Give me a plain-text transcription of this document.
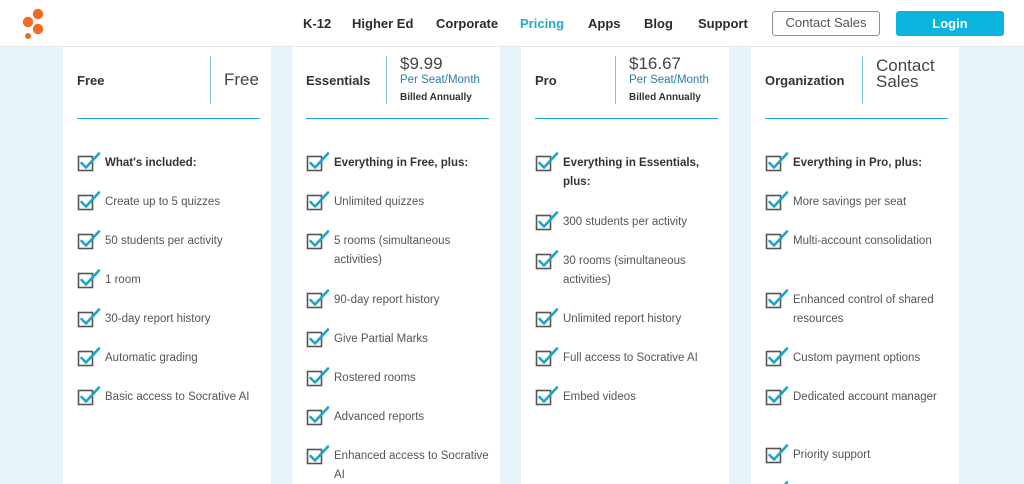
K-12 Higher Ed Corporate Pricing Apps Blog Support	Contact Sales	Login
Free	Free
What's included:
Create up to 5 quizzes
50 students per activity
1 room
30-day report history
Automatic grading
Basic access to Socrative AI
Essentials
$9.99
Per Seat/Month
Billed Annually
Everything in Free, plus:
Unlimited quizzes
5 rooms (simultaneous activities)
90-day report history
Give Partial Marks
Rostered rooms
Advanced reports
Enhanced access to Socrative AI
Pro
$16.67
Per Seat/Month
Billed Annually
Everything in Essentials, plus:
300 students per activity
30 rooms (simultaneous activities)
Unlimited report history
Full access to Socrative AI
Embed videos
Organization
Contact Sales
Everything in Pro, plus:
More savings per seat
Multi-account consolidation
Enhanced control of shared resources
Custom payment options
Dedicated account manager
Priority support
